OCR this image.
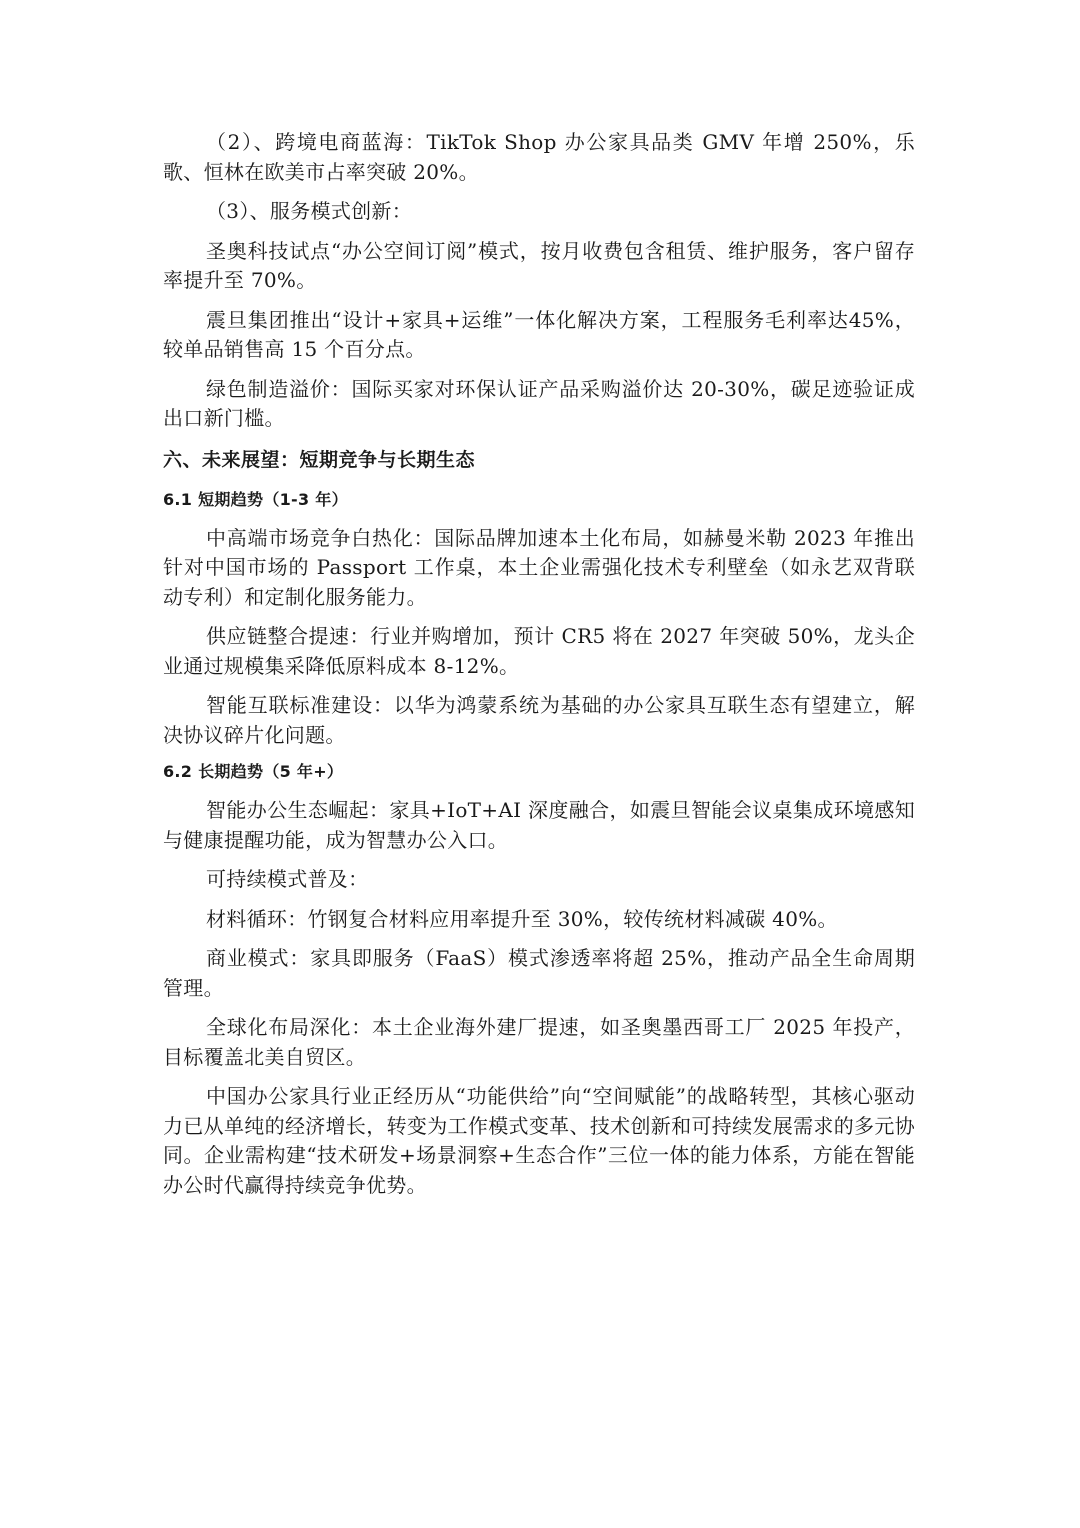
（2）、跨境电商蓝海：TikTok Shop 办公家具品类 GMV 年增 250%，乐歌、恒林在欧美市占率突破 20%。

（3）、服务模式创新：

圣奥科技试点“办公空间订阅”模式，按月收费包含租赁、维护服务，客户留存率提升至 70%。

震旦集团推出“设计+家具+运维”一体化解决方案，工程服务毛利率达45%，较单品销售高 15 个百分点。

绿色制造溢价：国际买家对环保认证产品采购溢价达 20-30%，碳足迹验证成出口新门槛。

六、未来展望：短期竞争与长期生态
6.1 短期趋势（1-3 年）

中高端市场竞争白热化：国际品牌加速本土化布局，如赫曼米勒 2023 年推出针对中国市场的 Passport 工作桌，本土企业需强化技术专利壁垒（如永艺双背联动专利）和定制化服务能力。

供应链整合提速：行业并购增加，预计 CR5 将在 2027 年突破 50%，龙头企业通过规模集采降低原料成本 8-12%。

智能互联标准建设：以华为鸿蒙系统为基础的办公家具互联生态有望建立，解决协议碎片化问题。

6.2 长期趋势（5 年+）

智能办公生态崛起：家具+IoT+AI 深度融合，如震旦智能会议桌集成环境感知与健康提醒功能，成为智慧办公入口。

可持续模式普及：

材料循环：竹钢复合材料应用率提升至 30%，较传统材料减碳 40%。

商业模式：家具即服务（FaaS）模式渗透率将超 25%，推动产品全生命周期管理。

全球化布局深化：本土企业海外建厂提速，如圣奥墨西哥工厂 2025 年投产，目标覆盖北美自贸区。

中国办公家具行业正经历从“功能供给”向“空间赋能”的战略转型，其核心驱动力已从单纯的经济增长，转变为工作模式变革、技术创新和可持续发展需求的多元协同。企业需构建“技术研发+场景洞察+生态合作”三位一体的能力体系，方能在智能办公时代赢得持续竞争优势。
